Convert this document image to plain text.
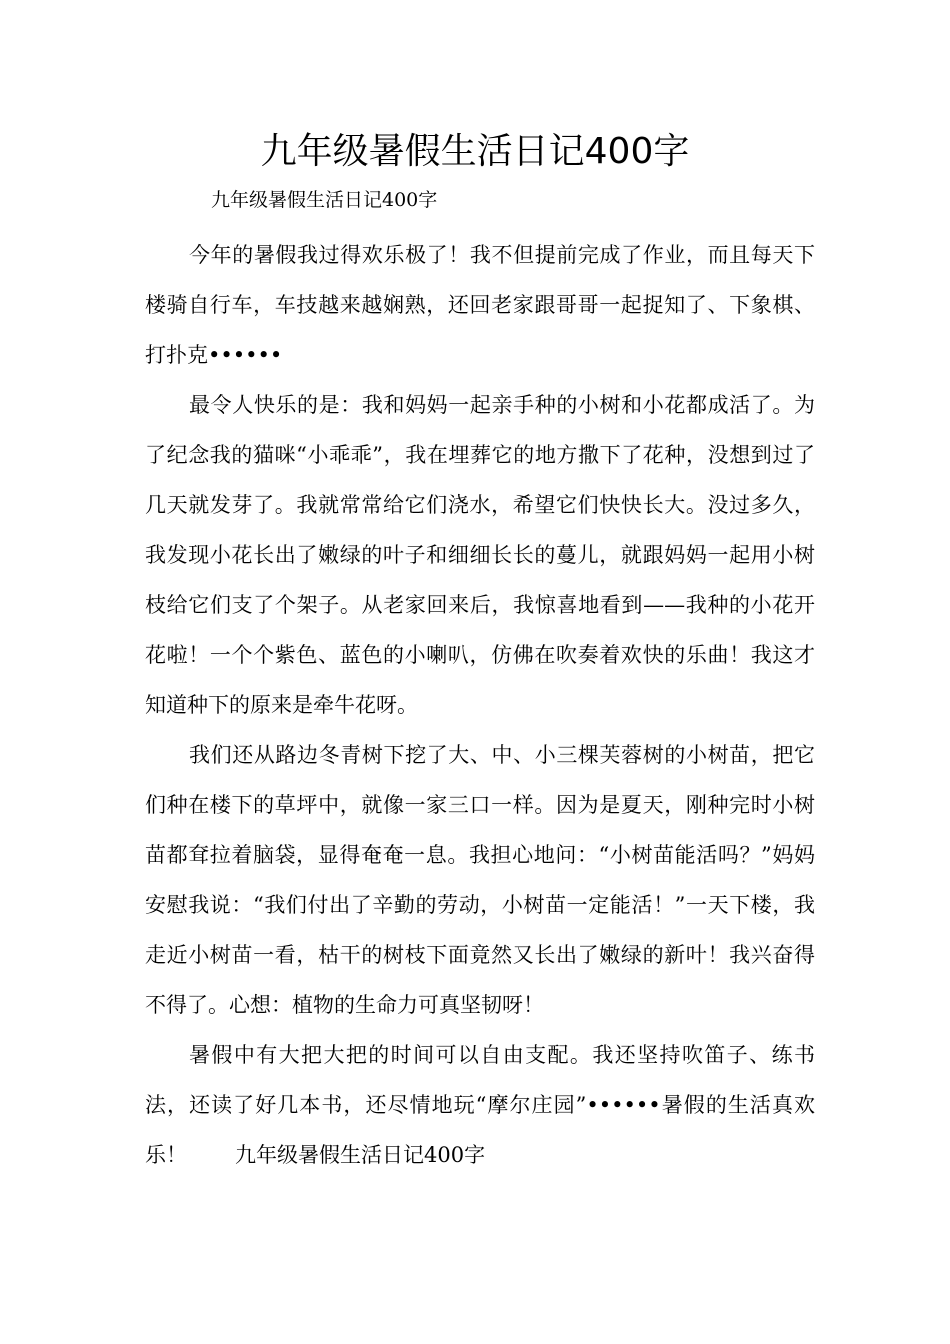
九年级暑假生活日记400字

九年级暑假生活日记400字

今年的暑假我过得欢乐极了！我不但提前完成了作业，而且每天下楼骑自行车，车技越来越娴熟，还回老家跟哥哥一起捉知了、下象棋、打扑克••••••

最令人快乐的是：我和妈妈一起亲手种的小树和小花都成活了。为了纪念我的猫咪“小乖乖”，我在埋葬它的地方撒下了花种，没想到过了几天就发芽了。我就常常给它们浇水，希望它们快快长大。没过多久，我发现小花长出了嫩绿的叶子和细细长长的蔓儿，就跟妈妈一起用小树枝给它们支了个架子。从老家回来后，我惊喜地看到——我种的小花开花啦！一个个紫色、蓝色的小喇叭，仿佛在吹奏着欢快的乐曲！我这才知道种下的原来是牵牛花呀。

我们还从路边冬青树下挖了大、中、小三棵芙蓉树的小树苗，把它们种在楼下的草坪中，就像一家三口一样。因为是夏天，刚种完时小树苗都耷拉着脑袋，显得奄奄一息。我担心地问：“小树苗能活吗？”妈妈安慰我说：“我们付出了辛勤的劳动，小树苗一定能活！”一天下楼，我走近小树苗一看，枯干的树枝下面竟然又长出了嫩绿的新叶！我兴奋得不得了。心想：植物的生命力可真坚韧呀！

暑假中有大把大把的时间可以自由支配。我还坚持吹笛子、练书法，还读了好几本书，还尽情地玩“摩尔庄园”••••••暑假的生活真欢乐！ 九年级暑假生活日记400字
